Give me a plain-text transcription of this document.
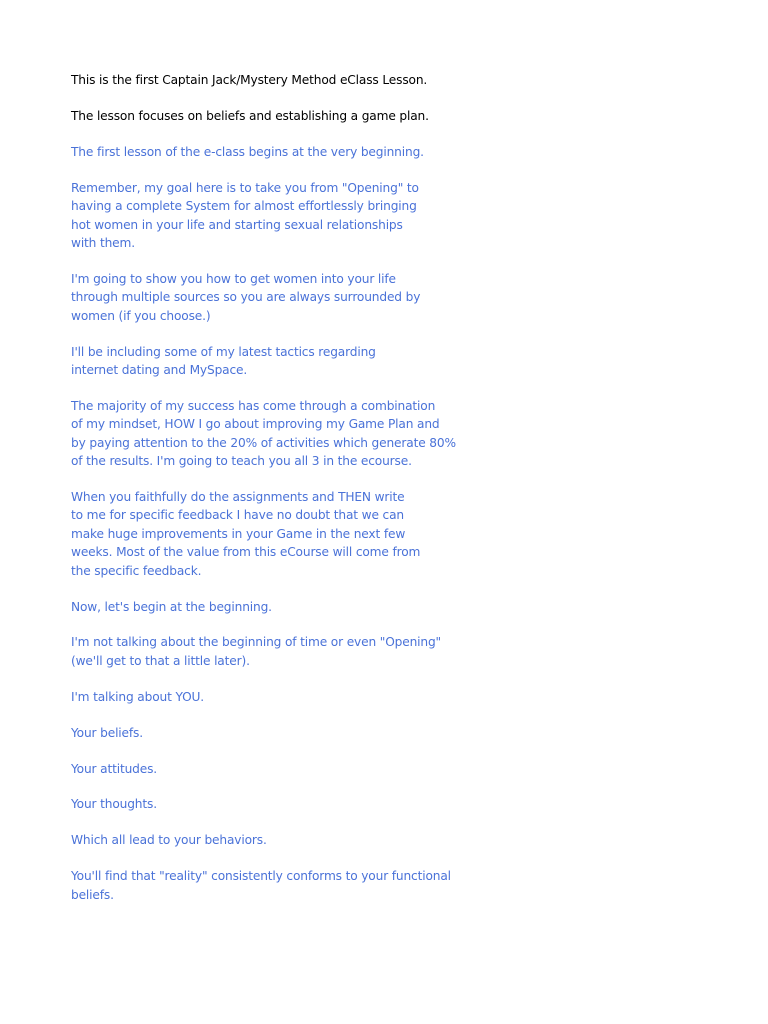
This is the first Captain Jack/Mystery Method eClass Lesson.

The lesson focuses on beliefs and establishing a game plan.

The first lesson of the e-class begins at the very beginning.

Remember, my goal here is to take you from "Opening" to
having a complete System for almost effortlessly bringing
hot women in your life and starting sexual relationships
with them.

I'm going to show you how to get women into your life
through multiple sources so you are always surrounded by
women (if you choose.)

I'll be including some of my latest tactics regarding
internet dating and MySpace.

The majority of my success has come through a combination
of my mindset, HOW I go about improving my Game Plan and
by paying attention to the 20% of activities which generate 80%
of the results. I'm going to teach you all 3 in the ecourse.

When you faithfully do the assignments and THEN write
to me for specific feedback I have no doubt that we can
make huge improvements in your Game in the next few
weeks. Most of the value from this eCourse will come from
the specific feedback.

Now, let's begin at the beginning.

I'm not talking about the beginning of time or even "Opening"
(we'll get to that a little later).

I'm talking about YOU.

Your beliefs.

Your attitudes.

Your thoughts.

Which all lead to your behaviors.

You'll find that "reality" consistently conforms to your functional
beliefs.
